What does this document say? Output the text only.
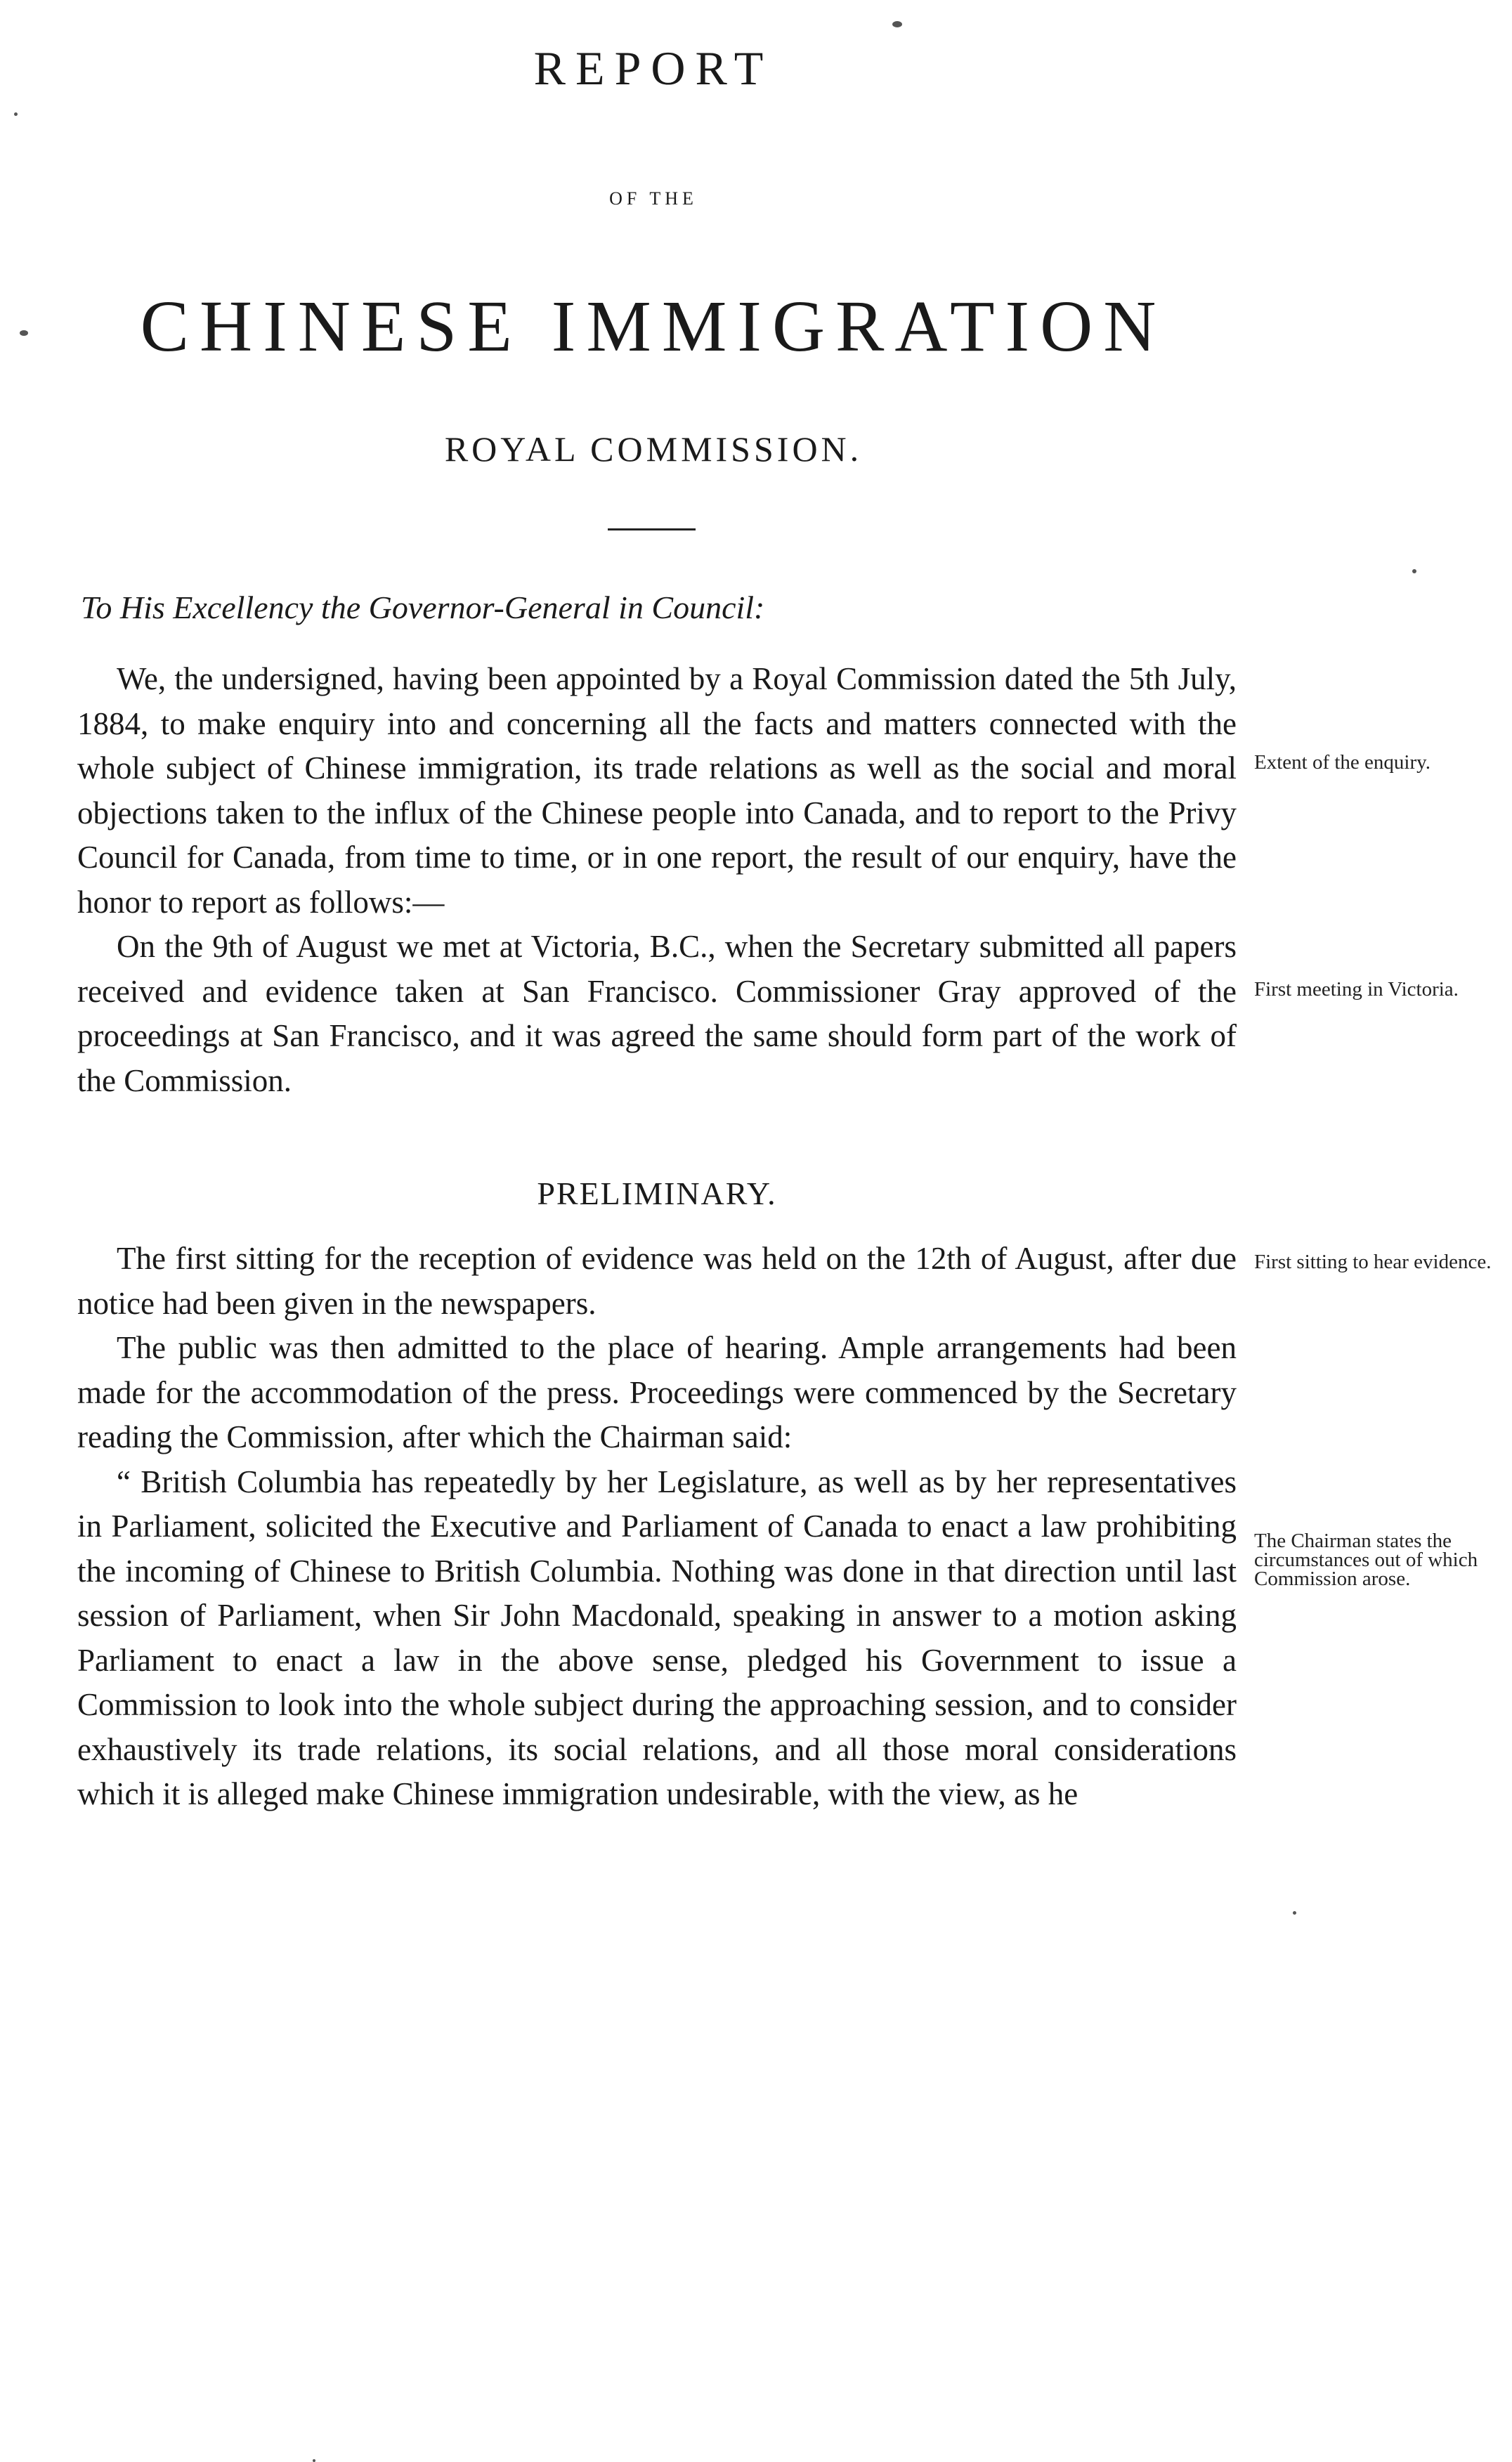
REPORT
OF THE
CHINESE IMMIGRATION
ROYAL COMMISSION.
To His Excellency the Governor-General in Council:

We, the undersigned, having been appointed by a Royal Commission dated the 5th July, 1884, to make enquiry into and concerning all the facts and matters connected with the whole subject of Chinese immigration, its trade relations as well as the social and moral objections taken to the influx of the Chinese people into Canada, and to report to the Privy Council for Canada, from time to time, or in one report, the result of our enquiry, have the honor to report as follows:—

On the 9th of August we met at Victoria, B.C., when the Secretary submitted all papers received and evidence taken at San Francisco. Commissioner Gray approved of the proceedings at San Francisco, and it was agreed the same should form part of the work of the Commission.

PRELIMINARY.

The first sitting for the reception of evidence was held on the 12th of August, after due notice had been given in the newspapers.

The public was then admitted to the place of hearing. Ample arrangements had been made for the accommodation of the press. Proceedings were commenced by the Secretary reading the Commission, after which the Chairman said:

“ British Columbia has repeatedly by her Legislature, as well as by her representatives in Parliament, solicited the Executive and Parliament of Canada to enact a law prohibiting the incoming of Chinese to British Columbia. Nothing was done in that direction until last session of Parliament, when Sir John Macdonald, speaking in answer to a motion asking Parliament to enact a law in the above sense, pledged his Government to issue a Commission to look into the whole subject during the approaching session, and to consider exhaustively its trade relations, its social relations, and all those moral considerations which it is alleged make Chinese immigration undesirable, with the view, as he

Extent of the enquiry.
First meeting in Victoria.
First sitting to hear evidence.
The Chairman states the circumstances out of which Commission arose.
